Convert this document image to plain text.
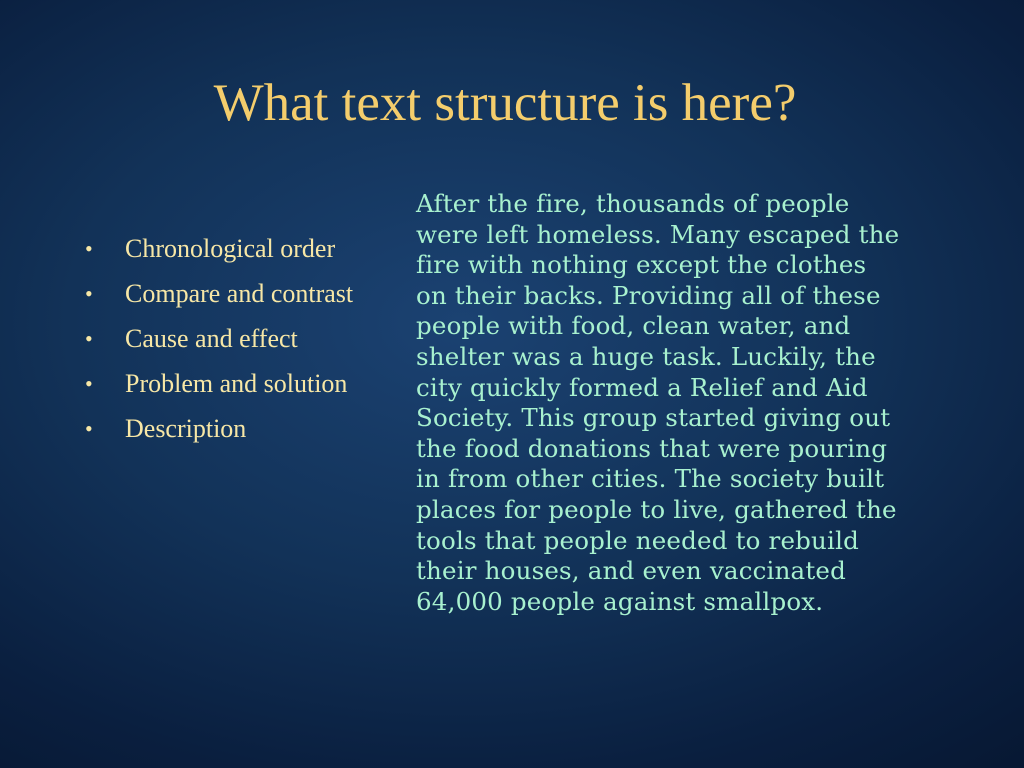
What text structure is here?
• Chronological order
• Compare and contrast
• Cause and effect
• Problem and solution
• Description

After the fire, thousands of people
were left homeless. Many escaped the
fire with nothing except the clothes
on their backs. Providing all of these
people with food, clean water, and
shelter was a huge task. Luckily, the
city quickly formed a Relief and Aid
Society. This group started giving out
the food donations that were pouring
in from other cities. The society built
places for people to live, gathered the
tools that people needed to rebuild
their houses, and even vaccinated
64,000 people against smallpox.
